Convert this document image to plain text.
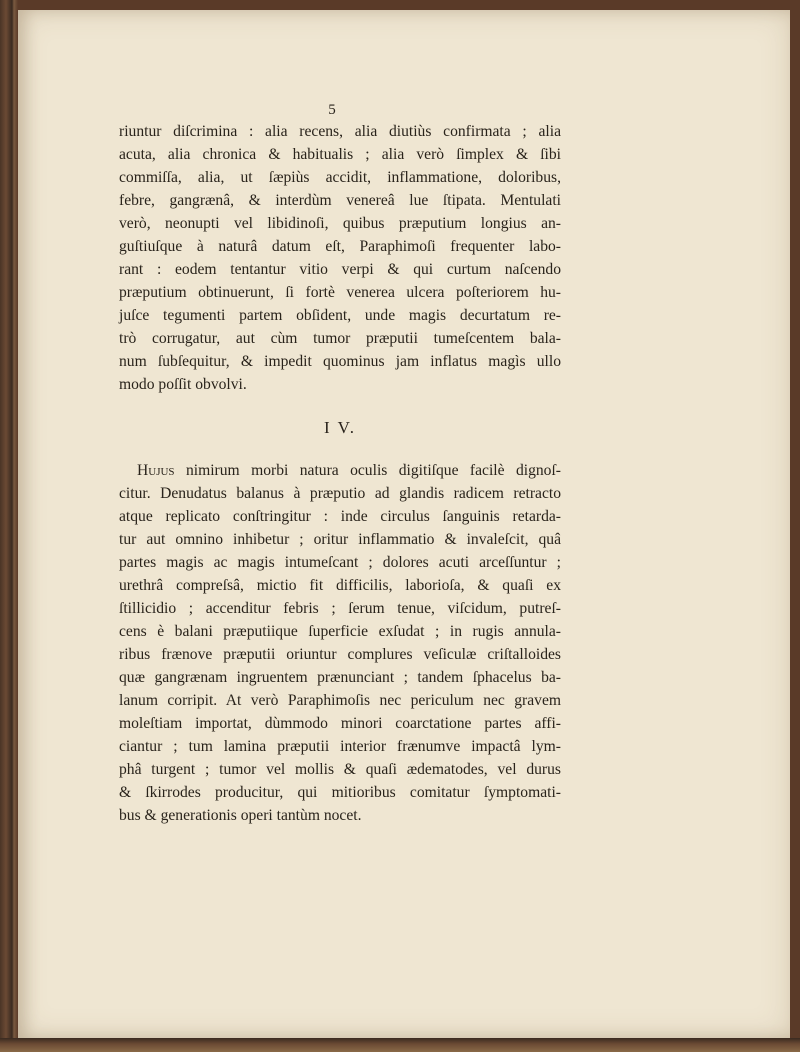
5
riuntur diſcrimina : alia recens, alia diutiùs confirmata ; alia
acuta, alia chronica & habitualis ; alia verò ſimplex & ſibi
commiſſa, alia, ut ſæpiùs accidit, inflammatione, doloribus,
febre, gangrænâ, & interdùm venereâ lue ſtipata. Mentulati
verò, neonupti vel libidinoſi, quibus præputium longius an-
guſtiuſque à naturâ datum eſt, Paraphimoſi frequenter labo-
rant : eodem tentantur vitio verpi & qui curtum naſcendo
præputium obtinuerunt, ſi fortè venerea ulcera poſteriorem hu-
juſce tegumenti partem obſident, unde magis decurtatum re-
trò corrugatur, aut cùm tumor præputii tumeſcentem bala-
num ſubſequitur, & impedit quominus jam inflatus magìs ullo
modo poſſit obvolvi.
I V.
Hujus nimirum morbi natura oculis digitiſque facilè dignoſ-
citur. Denudatus balanus à præputio ad glandis radicem retracto
atque replicato conſtringitur : inde circulus ſanguinis retarda-
tur aut omnino inhibetur ; oritur inflammatio & invaleſcit, quâ
partes magis ac magis intumeſcant ; dolores acuti arceſſuntur ;
urethrâ compreſsâ, mictio fit difficilis, laborioſa, & quaſi ex
ſtillicidio ; accenditur febris ; ſerum tenue, viſcidum, putreſ-
cens è balani præputiique ſuperficie exſudat ; in rugis annula-
ribus frænove præputii oriuntur complures veſiculæ criſtalloides
quæ gangrænam ingruentem prænunciant ; tandem ſphacelus ba-
lanum corripit. At verò Paraphimoſis nec periculum nec gravem
moleſtiam importat, dùmmodo minori coarctatione partes affi-
ciantur ; tum lamina præputii interior frænumve impactâ lym-
phâ turgent ; tumor vel mollis & quaſi ædematodes, vel durus
& ſkirrodes producitur, qui mitioribus comitatur ſymptomati-
bus & generationis operi tantùm nocet.
